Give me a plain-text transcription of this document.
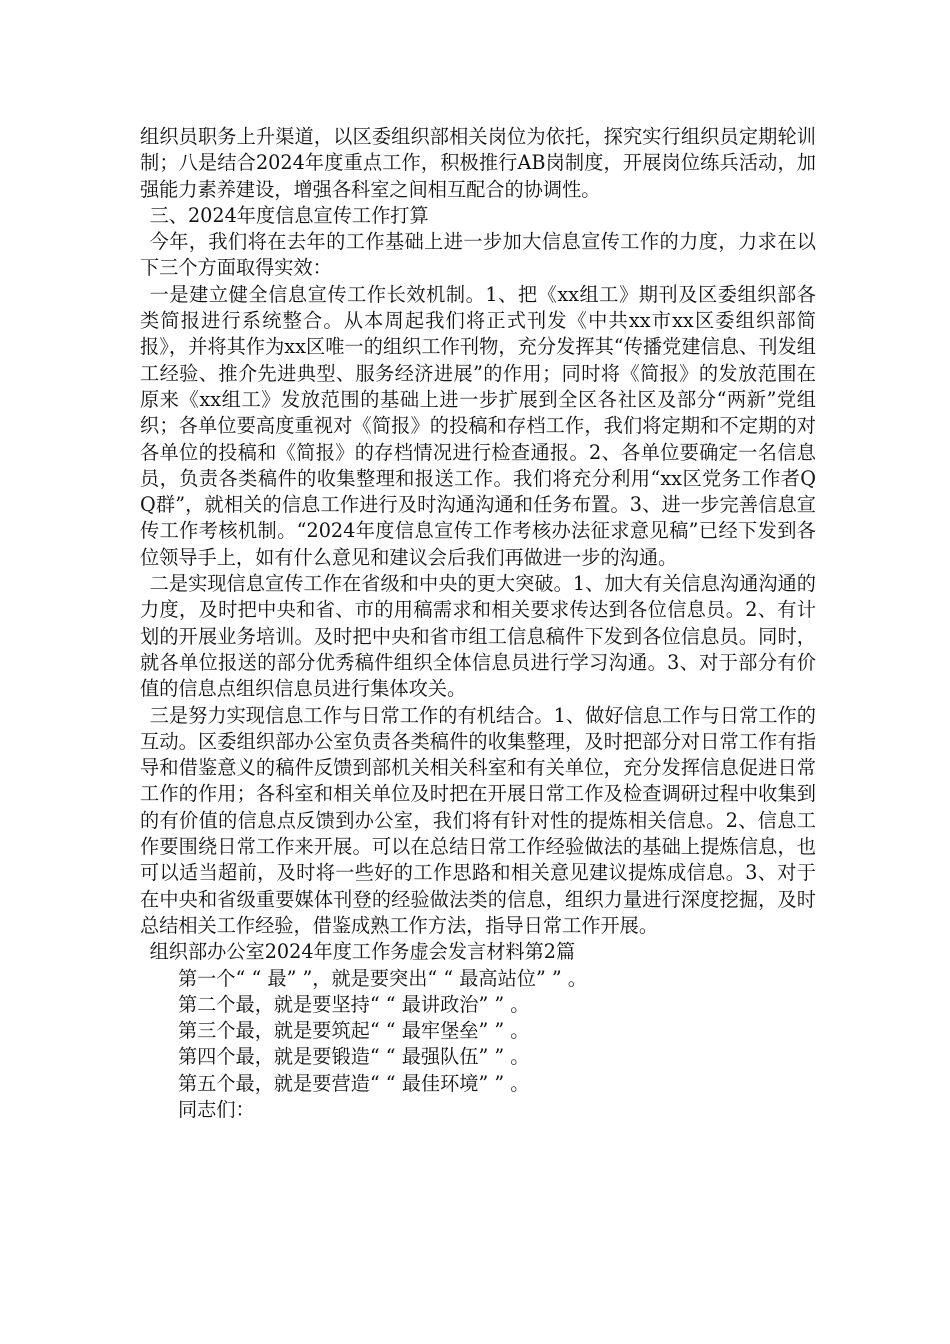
组织员职务上升渠道，以区委组织部相关岗位为依托，探究实行组织员定期轮训制；八是结合2024年度重点工作，积极推行AB岗制度，开展岗位练兵活动，加强能力素养建设，增强各科室之间相互配合的协调性。

三、2024年度信息宣传工作打算

今年，我们将在去年的工作基础上进一步加大信息宣传工作的力度，力求在以下三个方面取得实效：

一是建立健全信息宣传工作长效机制。1、把《xx组工》期刊及区委组织部各类简报进行系统整合。从本周起我们将正式刊发《中共xx市xx区委组织部简报》，并将其作为xx区唯一的组织工作刊物，充分发挥其“传播党建信息、刊发组工经验、推介先进典型、服务经济进展”的作用；同时将《简报》的发放范围在原来《xx组工》发放范围的基础上进一步扩展到全区各社区及部分“两新”党组织；各单位要高度重视对《简报》的投稿和存档工作，我们将定期和不定期的对各单位的投稿和《简报》的存档情况进行检查通报。2、各单位要确定一名信息员，负责各类稿件的收集整理和报送工作。我们将充分利用“xx区党务工作者QQ群”，就相关的信息工作进行及时沟通沟通和任务布置。3、进一步完善信息宣传工作考核机制。“2024年度信息宣传工作考核办法征求意见稿”已经下发到各位领导手上，如有什么意见和建议会后我们再做进一步的沟通。

二是实现信息宣传工作在省级和中央的更大突破。1、加大有关信息沟通沟通的力度，及时把中央和省、市的用稿需求和相关要求传达到各位信息员。2、有计划的开展业务培训。及时把中央和省市组工信息稿件下发到各位信息员。同时，就各单位报送的部分优秀稿件组织全体信息员进行学习沟通。3、对于部分有价值的信息点组织信息员进行集体攻关。

三是努力实现信息工作与日常工作的有机结合。1、做好信息工作与日常工作的互动。区委组织部办公室负责各类稿件的收集整理，及时把部分对日常工作有指导和借鉴意义的稿件反馈到部机关相关科室和有关单位，充分发挥信息促进日常工作的作用；各科室和相关单位及时把在开展日常工作及检查调研过程中收集到的有价值的信息点反馈到办公室，我们将有针对性的提炼相关信息。2、信息工作要围绕日常工作来开展。可以在总结日常工作经验做法的基础上提炼信息，也可以适当超前，及时将一些好的工作思路和相关意见建议提炼成信息。3、对于在中央和省级重要媒体刊登的经验做法类的信息，组织力量进行深度挖掘，及时总结相关工作经验，借鉴成熟工作方法，指导日常工作开展。

组织部办公室2024年度工作务虚会发言材料第2篇

第一个“ “ 最” ”，就是要突出“ “ 最高站位” ” 。

第二个最，就是要坚持“ “ 最讲政治” ” 。

第三个最，就是要筑起“ “ 最牢堡垒” ” 。

第四个最，就是要锻造“ “ 最强队伍” ” 。

第五个最，就是要营造“ “ 最佳环境” ” 。

同志们：
